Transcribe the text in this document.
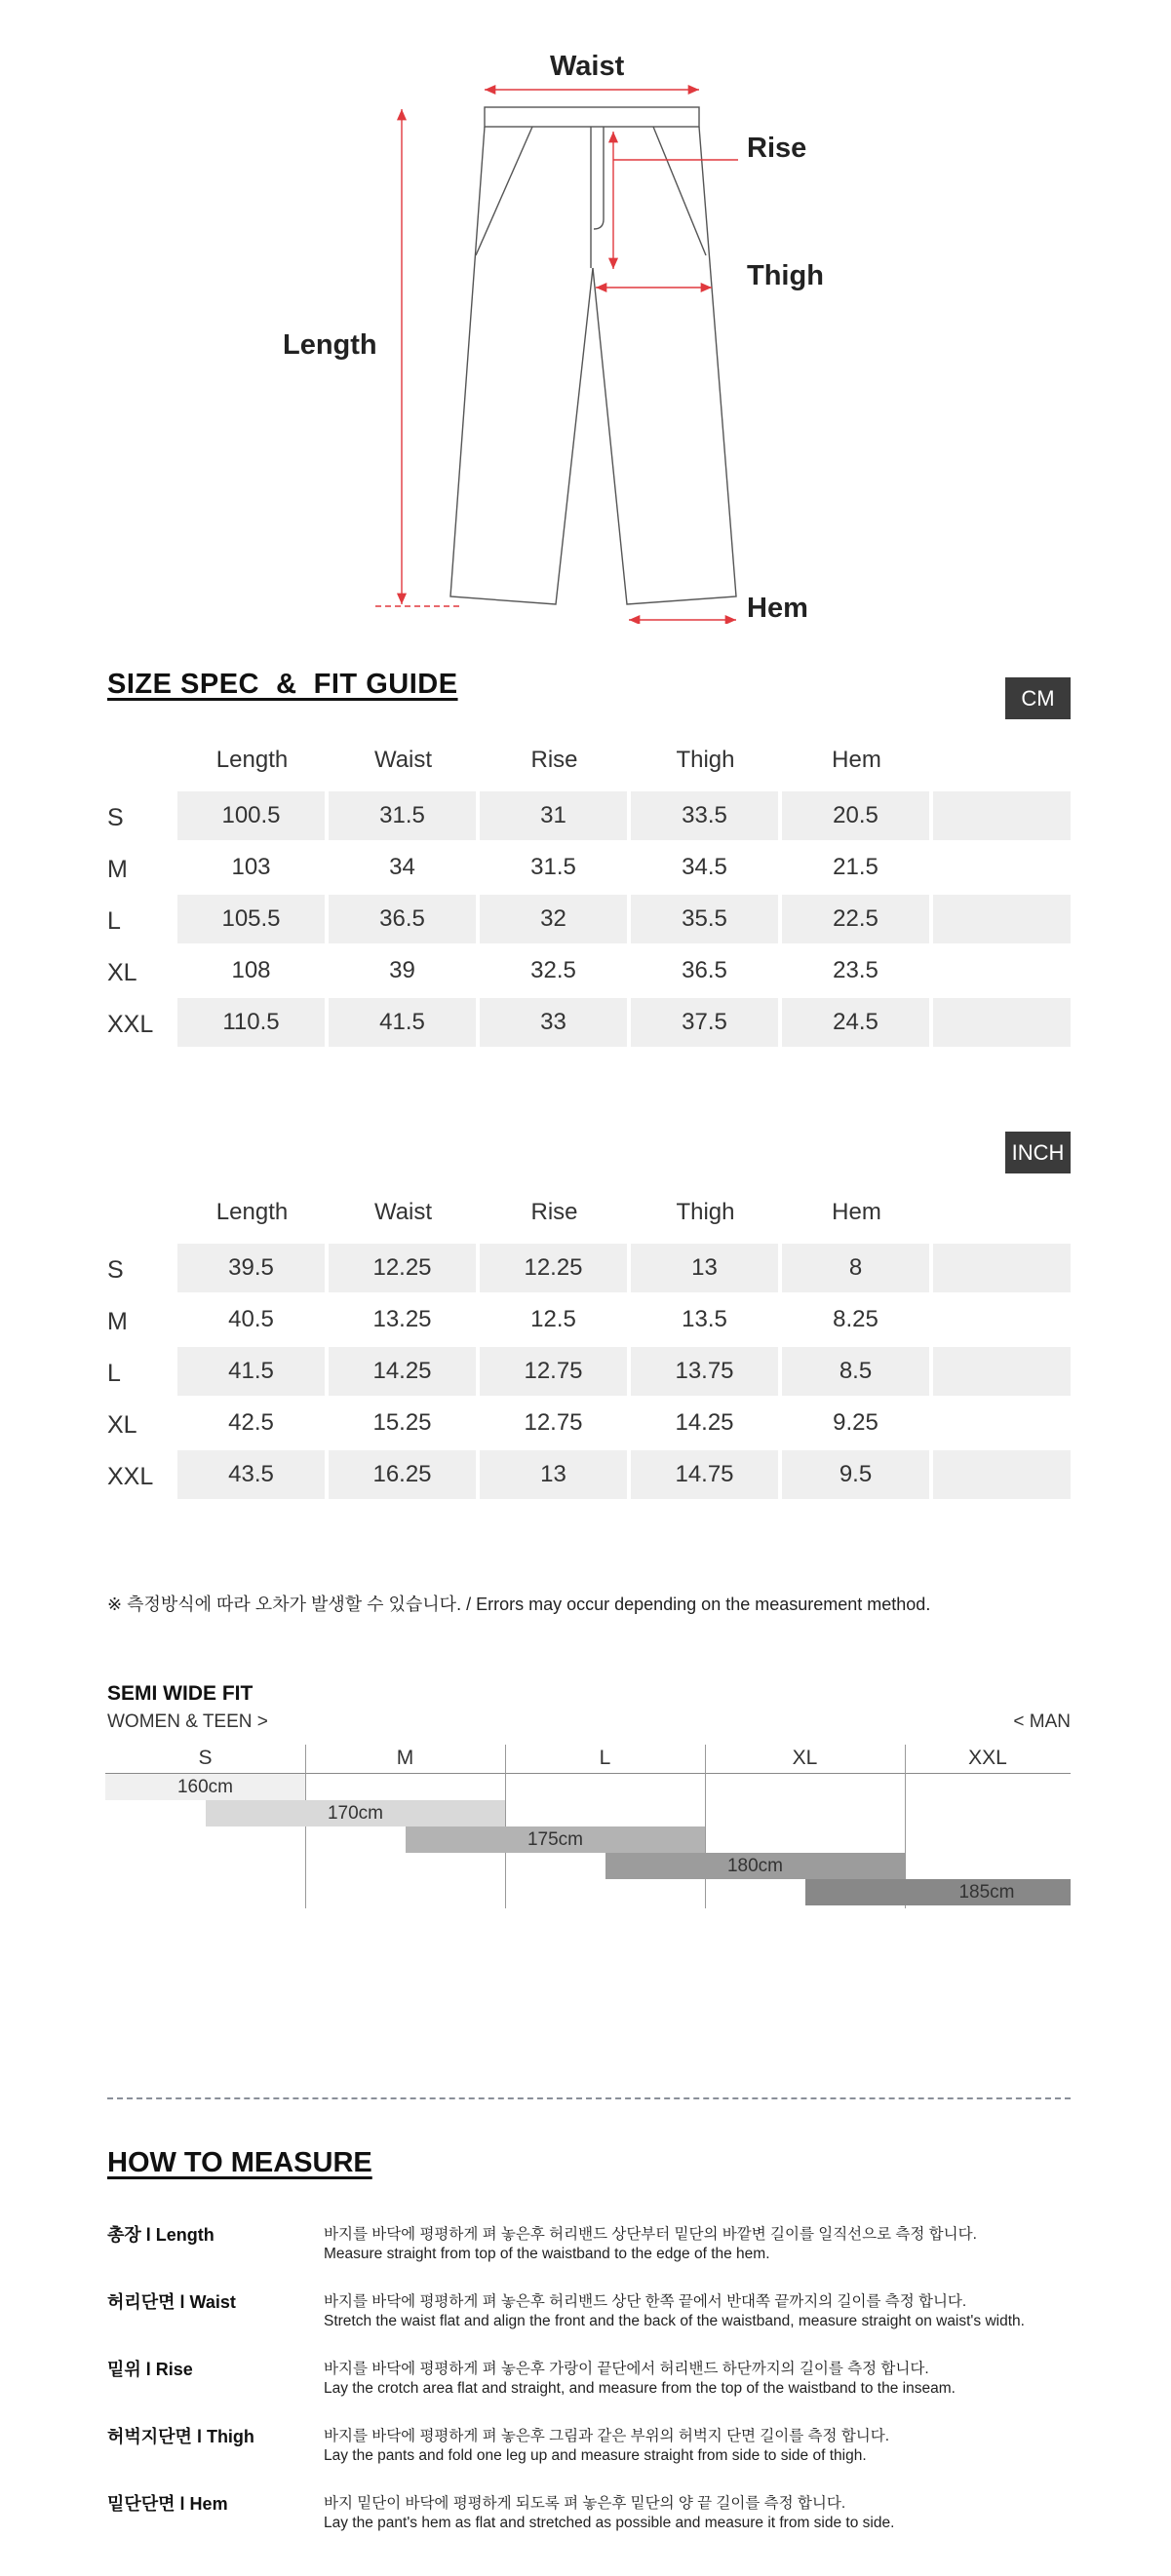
Waist
Rise
Thigh
Length
Hem
SIZE SPEC  &  FIT GUIDE	CM
Length	Waist	Rise	Thigh	Hem
S	100.5	31.5	31	33.5	20.5
M	103	34	31.5	34.5	21.5
L	105.5	36.5	32	35.5	22.5
XL	108	39	32.5	36.5	23.5
XXL	110.5	41.5	33	37.5	24.5
INCH
Length	Waist	Rise	Thigh	Hem
S	39.5	12.25	12.25	13	8
M	40.5	13.25	12.5	13.5	8.25
L	41.5	14.25	12.75	13.75	8.5
XL	42.5	15.25	12.75	14.25	9.25
XXL	43.5	16.25	13	14.75	9.5
※ 측정방식에 따라 오차가 발생할 수 있습니다. / Errors may occur depending on the measurement method.
SEMI WIDE FIT
WOMEN & TEEN >	< MAN
S	M	L	XL	XXL
160cm
170cm
175cm
180cm
185cm
HOW TO MEASURE
총장 l Length	바지를 바닥에 평평하게 펴 놓은후 허리밴드 상단부터 밑단의 바깥변 길이를 일직선으로 측정 합니다.
Measure straight from top of the waistband to the edge of the hem.
허리단면 l Waist	바지를 바닥에 평평하게 펴 놓은후 허리밴드 상단 한쪽 끝에서 반대쪽 끝까지의 길이를 측정 합니다.
Stretch the waist flat and align the front and the back of the waistband, measure straight on waist's width.
밑위 l Rise	바지를 바닥에 평평하게 펴 놓은후 가랑이 끝단에서 허리밴드 하단까지의 길이를 측정 합니다.
Lay the crotch area flat and straight, and measure from the top of the waistband to the inseam.
허벅지단면 l Thigh	바지를 바닥에 평평하게 펴 놓은후 그림과 같은 부위의 허벅지 단면 길이를 측정 합니다.
Lay the pants and fold one leg up and measure straight from side to side of thigh.
밑단단면 l Hem	바지 밑단이 바닥에 평평하게 되도록 펴 놓은후 밑단의 양 끝 길이를 측정 합니다.
Lay the pant's hem as flat and stretched as possible and measure it from side to side.
